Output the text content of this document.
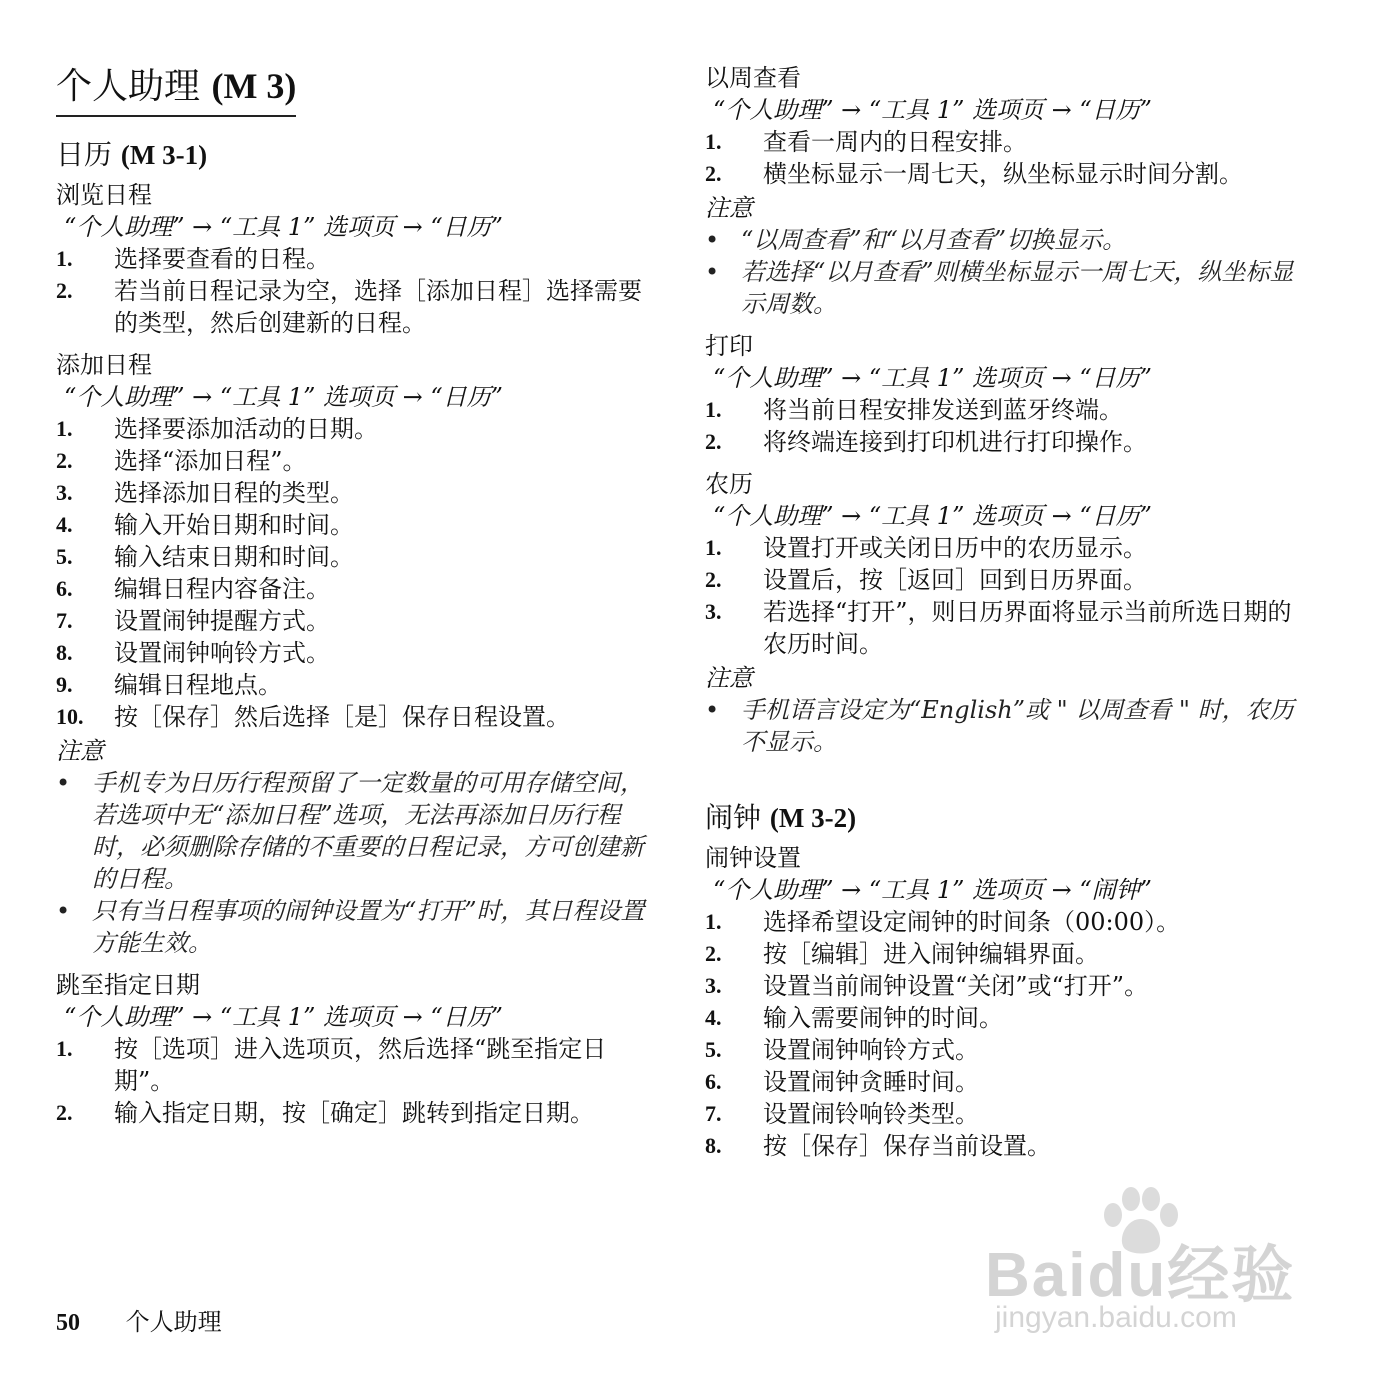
个人助理 (M 3)
日历 (M 3-1)

浏览日程

“个人助理” → “工具 1” 选项页 → “日历”

1.	选择要查看的日程。
2.	若当前日程记录为空，选择［添加日程］选择需要的类型，然后创建新的日程。

添加日程

“个人助理” → “工具 1” 选项页 → “日历”

1.	选择要添加活动的日期。
2.	选择“添加日程”。
3.	选择添加日程的类型。
4.	输入开始日期和时间。
5.	输入结束日期和时间。
6.	编辑日程内容备注。
7.	设置闹钟提醒方式。
8.	设置闹钟响铃方式。
9.	编辑日程地点。
10.	按［保存］然后选择［是］保存日程设置。

注意

• 手机专为日历行程预留了一定数量的可用存储空间，若选项中无“添加日程”选项，无法再添加日历行程时，必须删除存储的不重要的日程记录，方可创建新的日程。
• 只有当日程事项的闹钟设置为“打开”时，其日程设置方能生效。

跳至指定日期

“个人助理” → “工具 1” 选项页 → “日历”

1.	按［选项］进入选项页，然后选择“跳至指定日期”。
2.	输入指定日期，按［确定］跳转到指定日期。

以周查看

“个人助理” → “工具 1” 选项页 → “日历”

1.	查看一周内的日程安排。
2.	横坐标显示一周七天，纵坐标显示时间分割。

注意

• “以周查看”和“以月查看”切换显示。
• 若选择“以月查看”则横坐标显示一周七天，纵坐标显示周数。

打印

“个人助理” → “工具 1” 选项页 → “日历”

1.	将当前日程安排发送到蓝牙终端。
2.	将终端连接到打印机进行打印操作。

农历

“个人助理” → “工具 1” 选项页 → “日历”

1.	设置打开或关闭日历中的农历显示。
2.	设置后，按［返回］回到日历界面。
3.	若选择“打开”，则日历界面将显示当前所选日期的农历时间。

注意

• 手机语言设定为“English”或 " 以周查看 " 时，农历不显示。
闹钟 (M 3-2)

闹钟设置

“个人助理” → “工具 1” 选项页 → “闹钟”

1.	选择希望设定闹钟的时间条（00:00）。
2.	按［编辑］进入闹钟编辑界面。
3.	设置当前闹钟设置“关闭”或“打开”。
4.	输入需要闹钟的时间。
5.	设置闹钟响铃方式。
6.	设置闹钟贪睡时间。
7.	设置闹铃响铃类型。
8.	按［保存］保存当前设置。
50 个人助理
Baidu经验
jingyan.baidu.com
